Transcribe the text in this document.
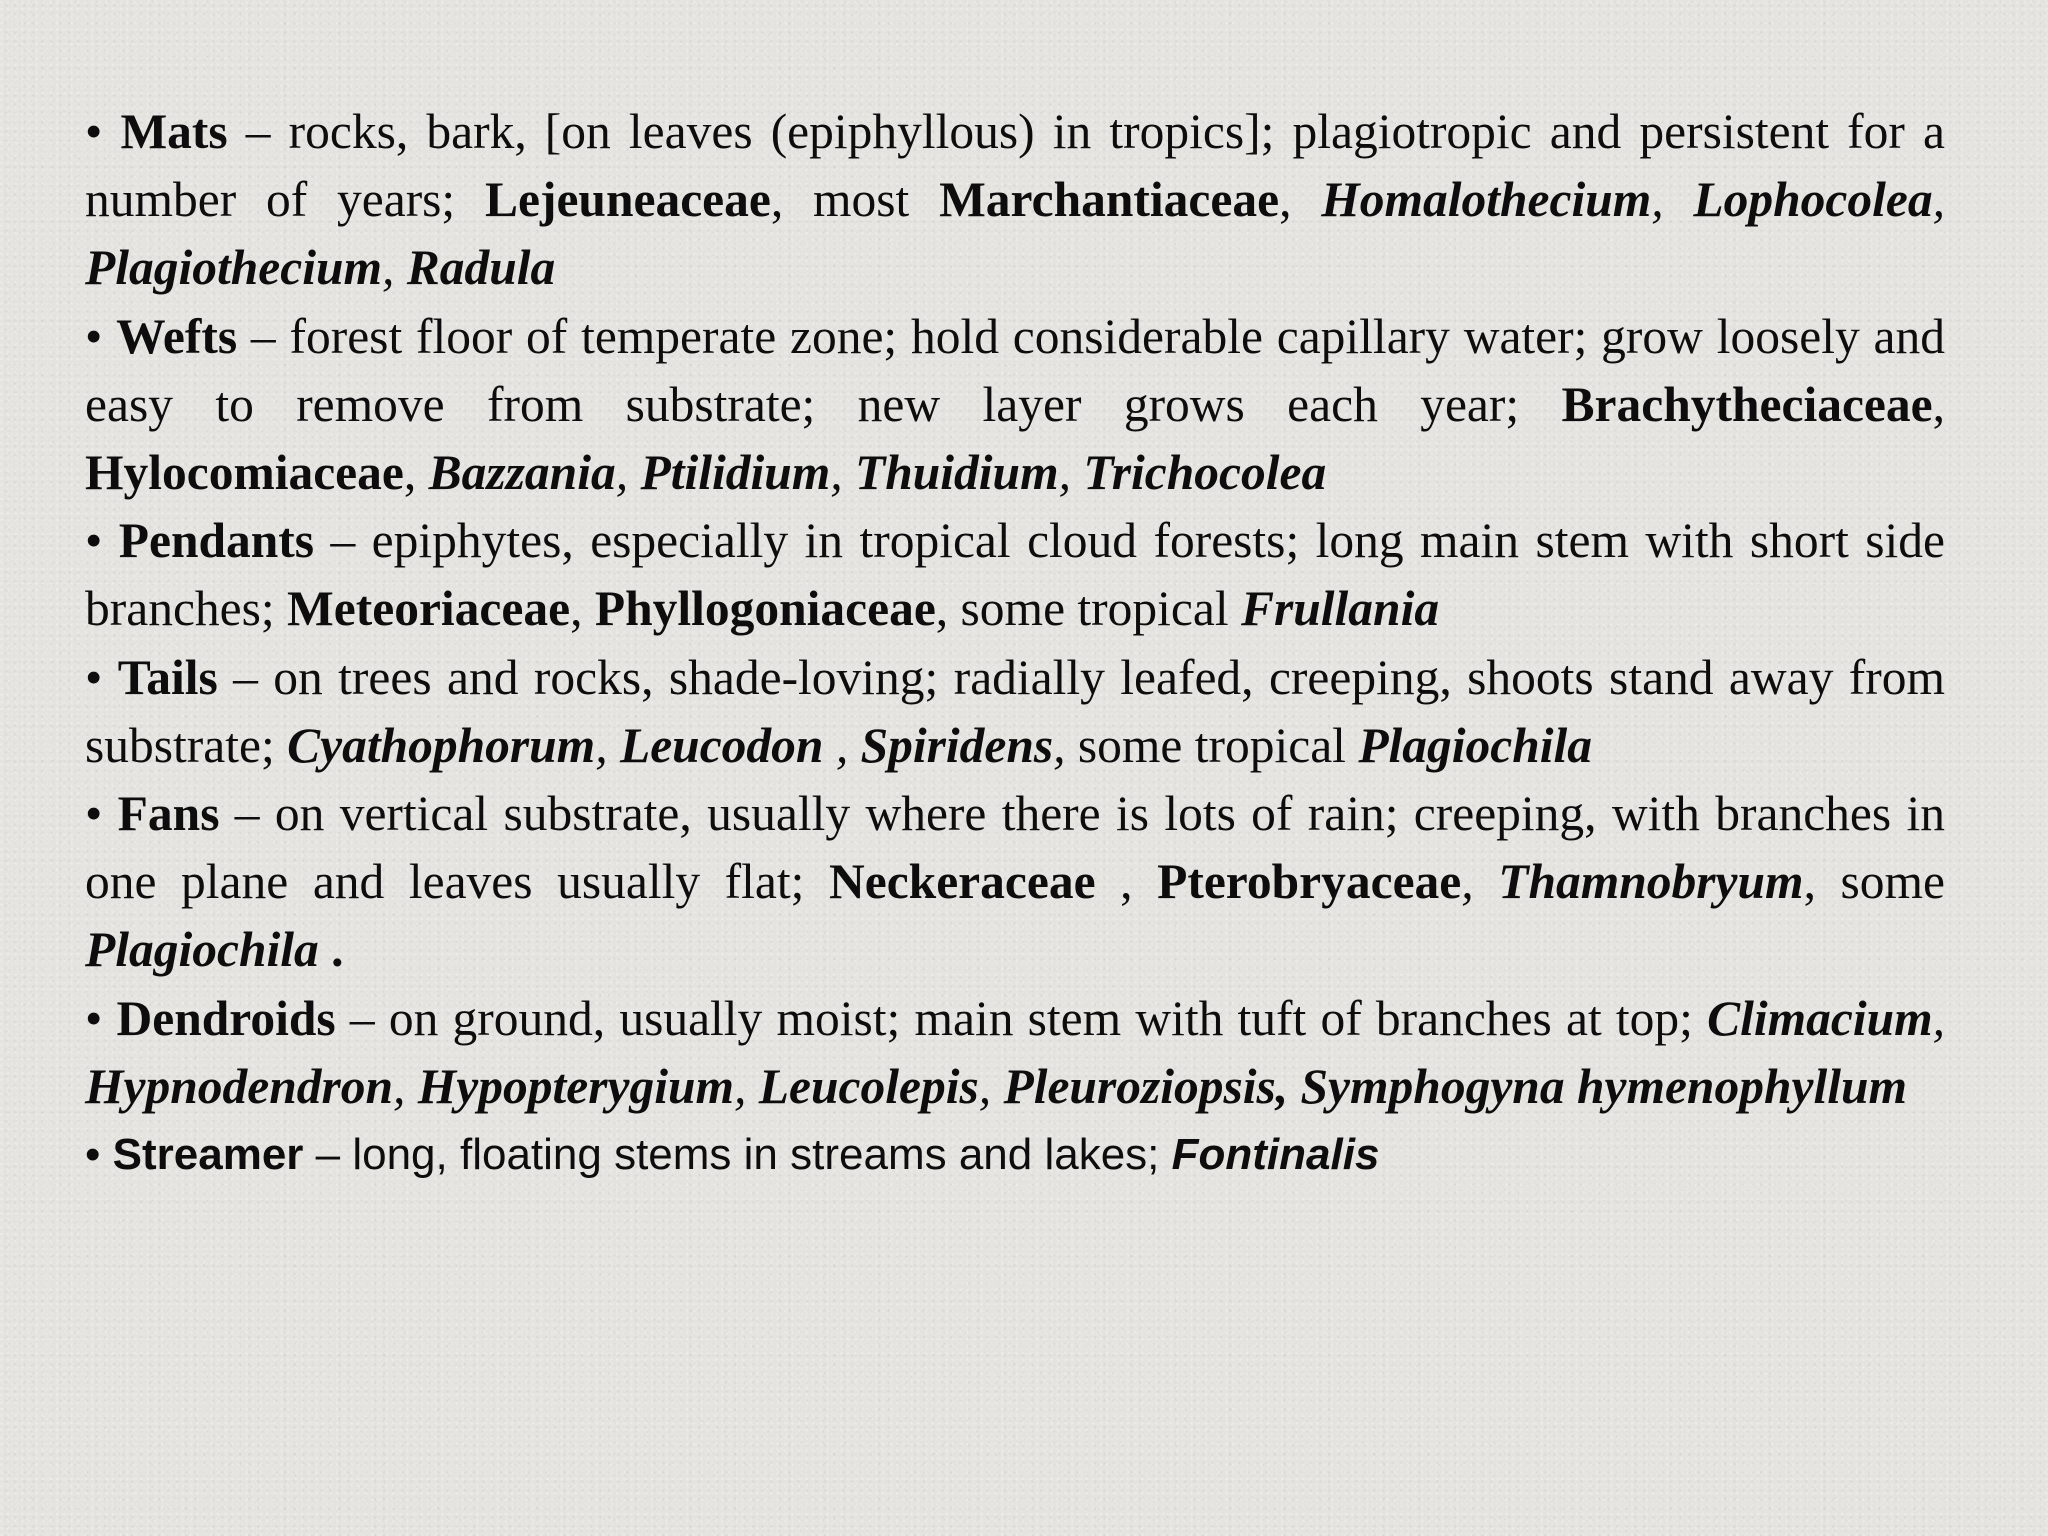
• Mats – rocks, bark, [on leaves (epiphyllous) in tropics]; plagiotropic and persistent for a number of years; Lejeuneaceae, most Marchantiaceae, Homalothecium, Lophocolea, Plagiothecium, Radula

• Wefts – forest floor of temperate zone; hold considerable capillary water; grow loosely and easy to remove from substrate; new layer grows each year; Brachytheciaceae, Hylocomiaceae, Bazzania, Ptilidium, Thuidium, Trichocolea

• Pendants – epiphytes, especially in tropical cloud forests; long main stem with short side branches; Meteoriaceae, Phyllogoniaceae, some tropical Frullania

• Tails – on trees and rocks, shade-loving; radially leafed, creeping, shoots stand away from substrate; Cyathophorum, Leucodon , Spiridens, some tropical Plagiochila

• Fans – on vertical substrate, usually where there is lots of rain; creeping, with branches in one plane and leaves usually flat; Neckeraceae , Pterobryaceae, Thamnobryum, some Plagiochila .

• Dendroids – on ground, usually moist; main stem with tuft of branches at top; Climacium, Hypnodendron, Hypopterygium, Leucolepis, Pleuroziopsis, Symphogyna hymenophyllum

• Streamer – long, floating stems in streams and lakes; Fontinalis
